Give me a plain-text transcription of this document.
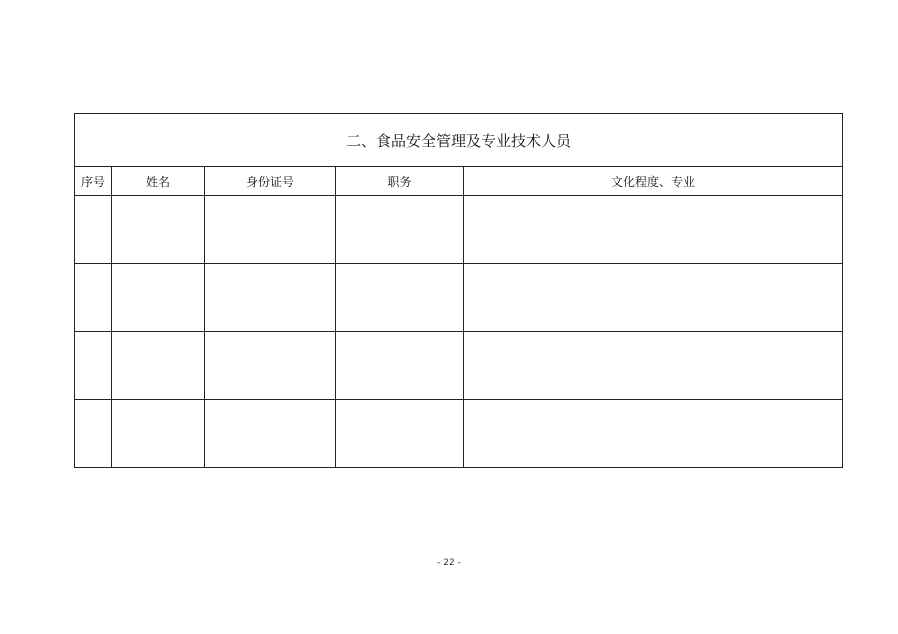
二、食品安全管理及专业技术人员				
序号	姓名	身份证号	职务	文化程度、专业

- 22 -
